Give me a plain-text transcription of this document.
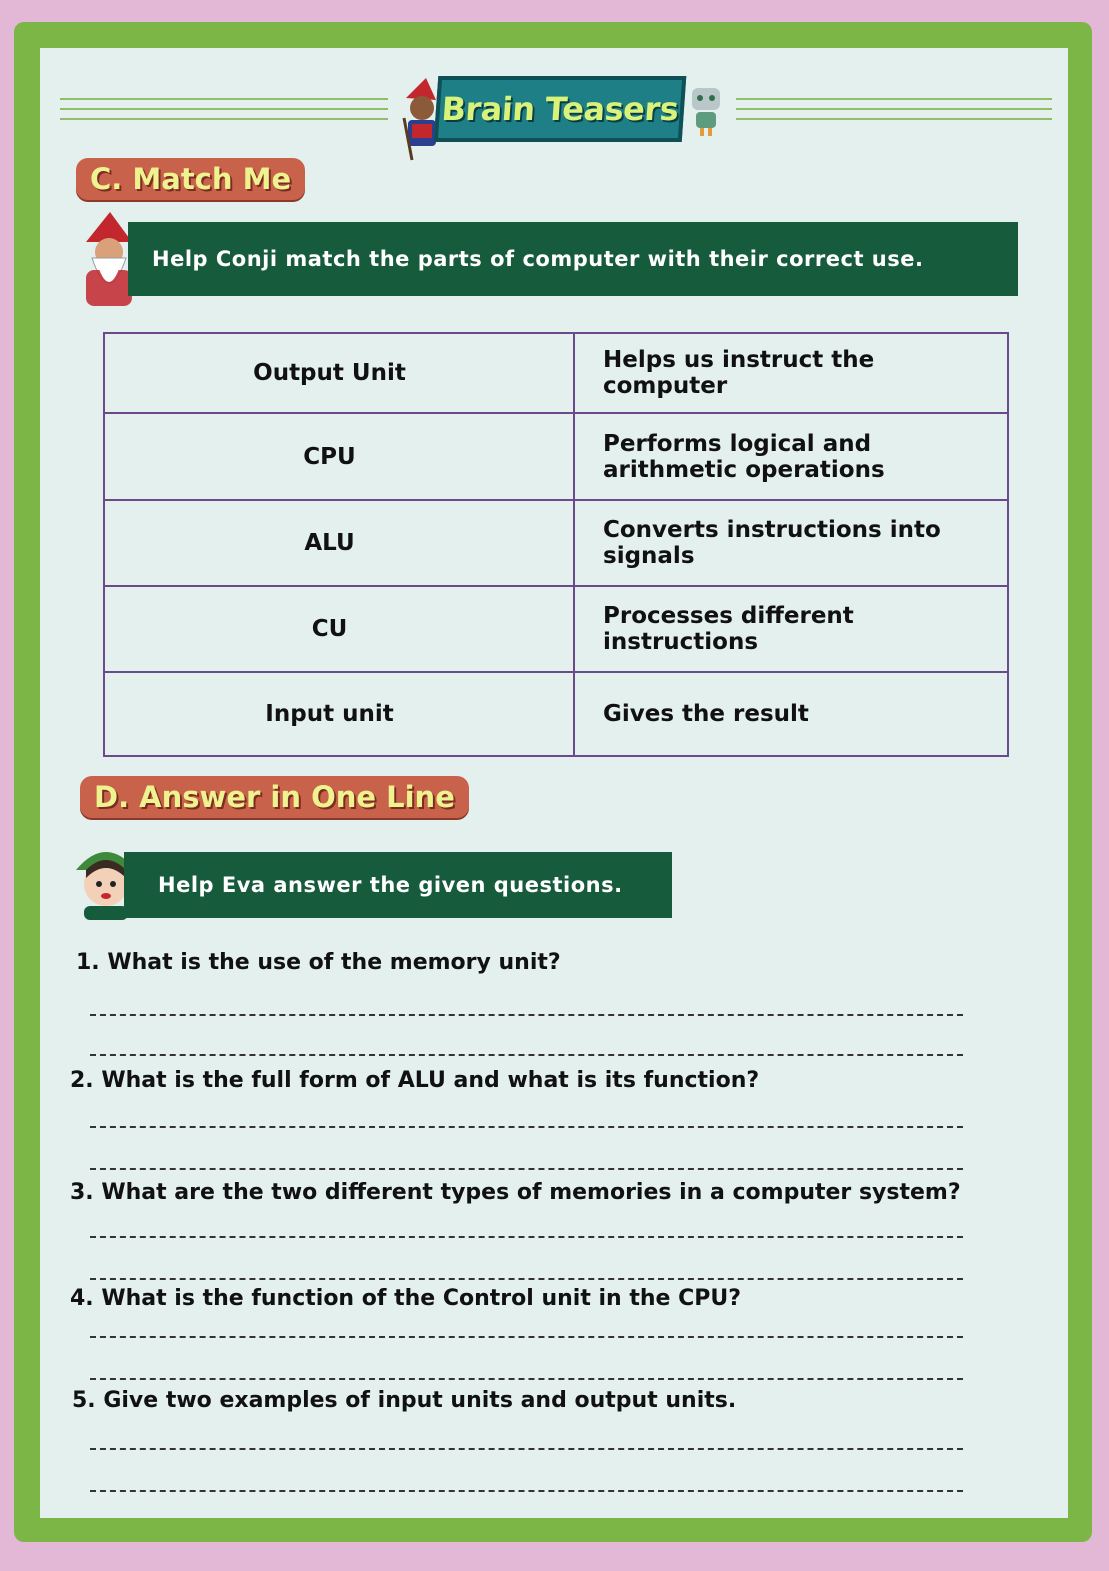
Brain Teasers
C. Match Me
Help Conji match the parts of computer with their correct use.
Output Unit	Helps us instruct the computer
CPU	Performs logical and arithmetic operations
ALU	Converts instructions into signals
CU	Processes different instructions
Input unit	Gives the result
D. Answer in One Line
Help Eva answer the given questions.
1. What is the use of the memory unit?
2. What is the full form of ALU and what is its function?
3. What are the two different types of memories in a computer system?
4. What is the function of the Control unit in the CPU?
5. Give two examples of input units and output units.
